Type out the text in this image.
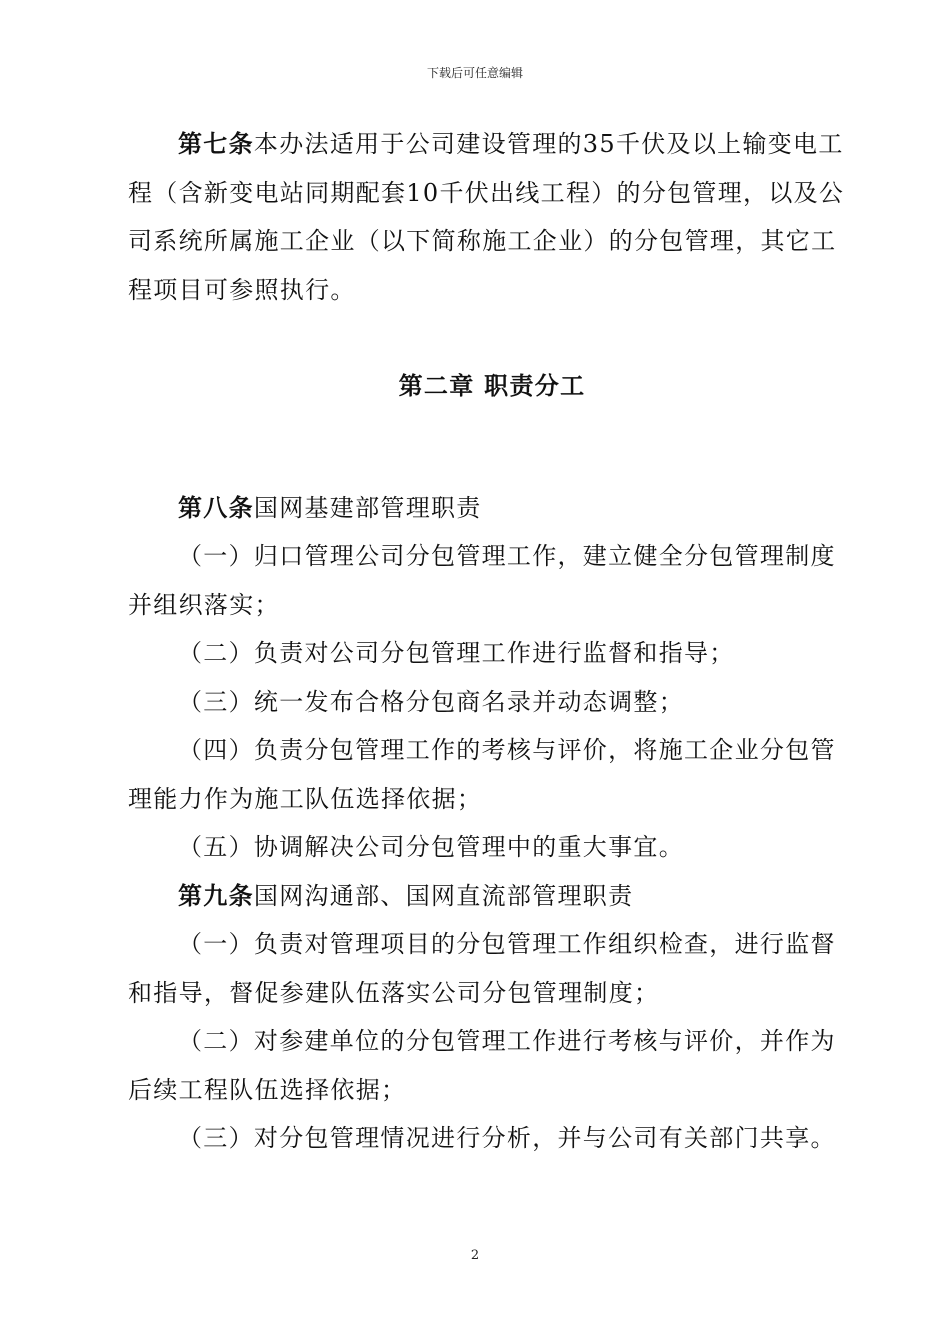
下载后可任意编辑

第七条本办法适用于公司建设管理的35千伏及以上输变电工程（含新变电站同期配套10千伏出线工程）的分包管理，以及公司系统所属施工企业（以下简称施工企业）的分包管理，其它工程项目可参照执行。

第二章 职责分工

第八条国网基建部管理职责

（一）归口管理公司分包管理工作，建立健全分包管理制度并组织落实；

（二）负责对公司分包管理工作进行监督和指导；

（三）统一发布合格分包商名录并动态调整；

（四）负责分包管理工作的考核与评价，将施工企业分包管理能力作为施工队伍选择依据；

（五）协调解决公司分包管理中的重大事宜。

第九条国网沟通部、国网直流部管理职责

（一）负责对管理项目的分包管理工作组织检查，进行监督和指导，督促参建队伍落实公司分包管理制度；

（二）对参建单位的分包管理工作进行考核与评价，并作为后续工程队伍选择依据；

（三）对分包管理情况进行分析，并与公司有关部门共享。

2
